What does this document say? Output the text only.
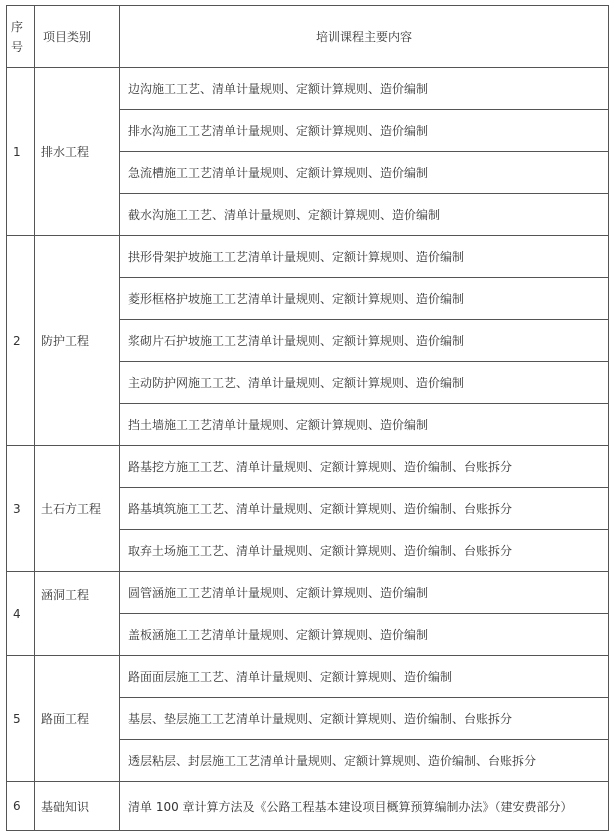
序号	项目类别	培训课程主要内容
1	排水工程	边沟施工工艺、清单计量规则、定额计算规则、造价编制
		排水沟施工工艺清单计量规则、定额计算规则、造价编制
		急流槽施工工艺清单计量规则、定额计算规则、造价编制
		截水沟施工工艺、清单计量规则、定额计算规则、造价编制
2	防护工程	拱形骨架护坡施工工艺清单计量规则、定额计算规则、造价编制
		菱形框格护坡施工工艺清单计量规则、定额计算规则、造价编制
		浆砌片石护坡施工工艺清单计量规则、定额计算规则、造价编制
		主动防护网施工工艺、清单计量规则、定额计算规则、造价编制
		挡土墙施工工艺清单计量规则、定额计算规则、造价编制
3	土石方工程	路基挖方施工工艺、清单计量规则、定额计算规则、造价编制、台账拆分
		路基填筑施工工艺、清单计量规则、定额计算规则、造价编制、台账拆分
		取弃土场施工工艺、清单计量规则、定额计算规则、造价编制、台账拆分
4	涵洞工程	圆管涵施工工艺清单计量规则、定额计算规则、造价编制
		盖板涵施工工艺清单计量规则、定额计算规则、造价编制
5	路面工程	路面面层施工工艺、清单计量规则、定额计算规则、造价编制
		基层、垫层施工工艺清单计量规则、定额计算规则、造价编制、台账拆分
		透层粘层、封层施工工艺清单计量规则、定额计算规则、造价编制、台账拆分
6	基础知识	清单 100 章计算方法及《公路工程基本建设项目概算预算编制办法》（建安费部分）
